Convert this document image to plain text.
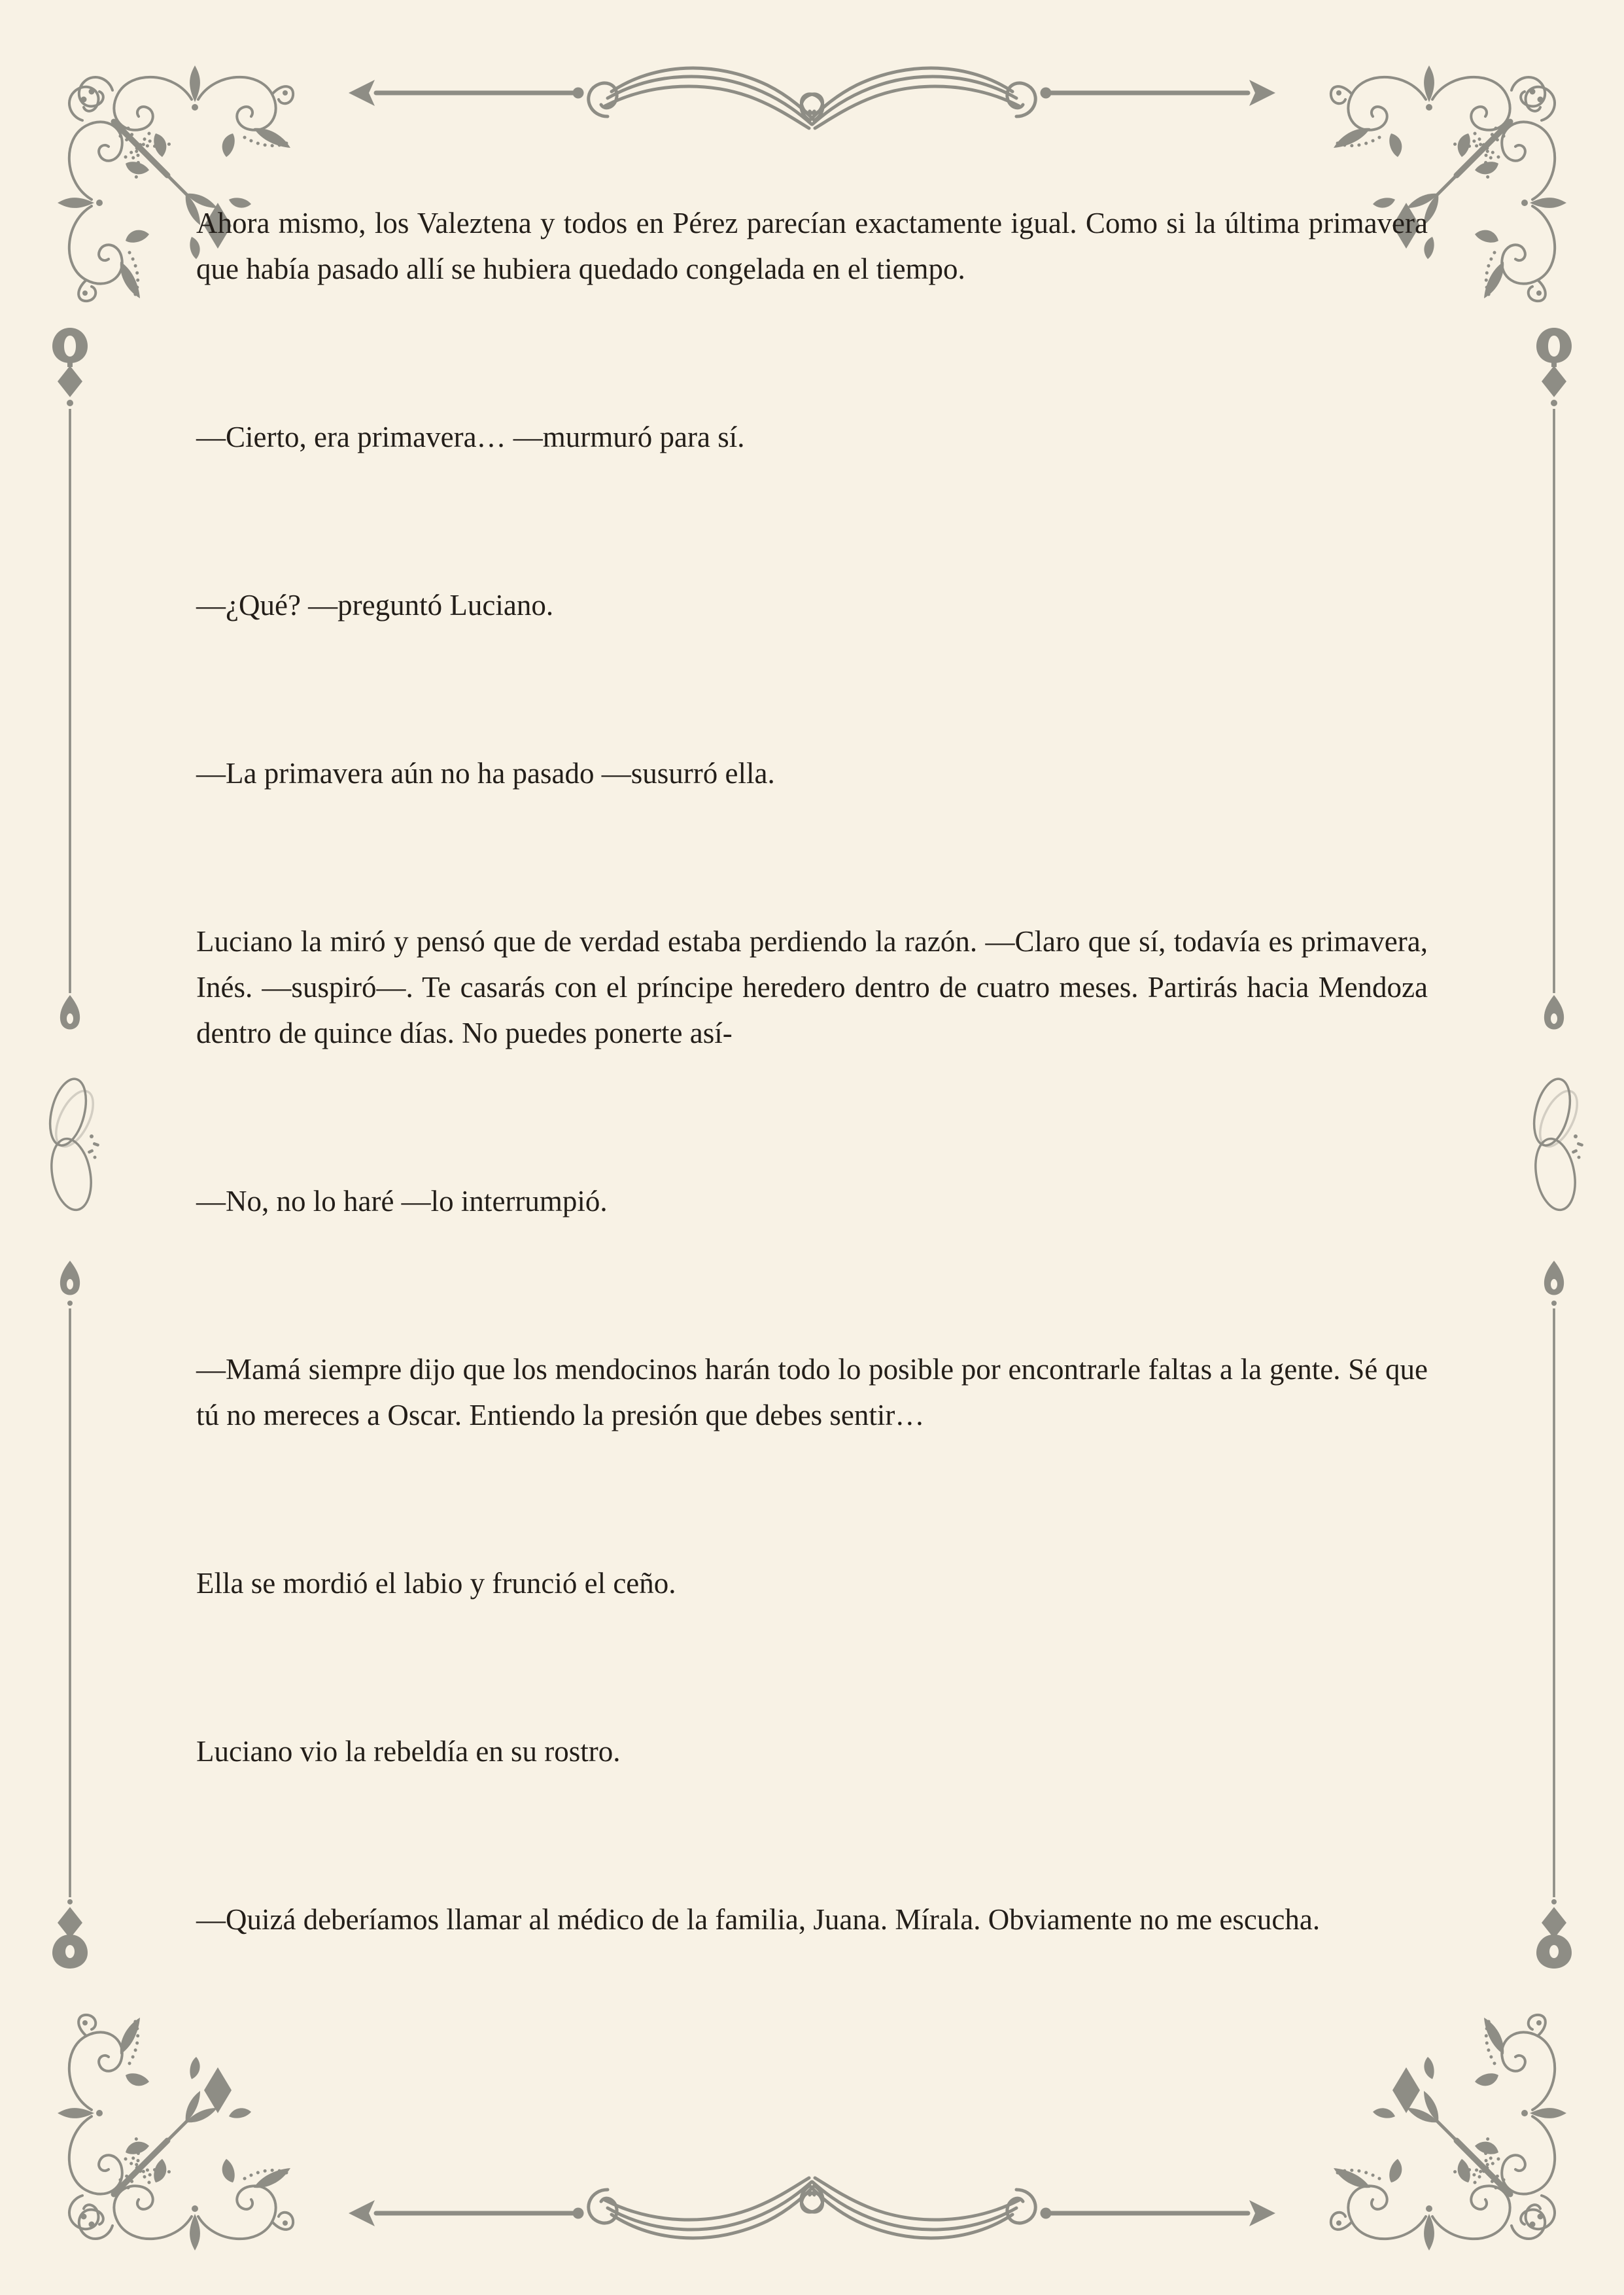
Ahora mismo, los Valeztena y todos en Pérez parecían exactamente igual. Como si la última primavera que había pasado allí se hubiera quedado congelada en el tiempo.

—Cierto, era primavera… —murmuró para sí.

—¿Qué? —preguntó Luciano.

—La primavera aún no ha pasado —susurró ella.

Luciano la miró y pensó que de verdad estaba perdiendo la razón. —Claro que sí, todavía es primavera, Inés. —suspiró—. Te casarás con el príncipe heredero dentro de cuatro meses. Partirás hacia Mendoza dentro de quince días. No puedes ponerte así-

—No, no lo haré —lo interrumpió.

—Mamá siempre dijo que los mendocinos harán todo lo posible por encontrarle faltas a la gente. Sé que tú no mereces a Oscar. Entiendo la presión que debes sentir…

Ella se mordió el labio y frunció el ceño.

Luciano vio la rebeldía en su rostro.

—Quizá deberíamos llamar al médico de la familia, Juana. Mírala. Obviamente no me escucha.
